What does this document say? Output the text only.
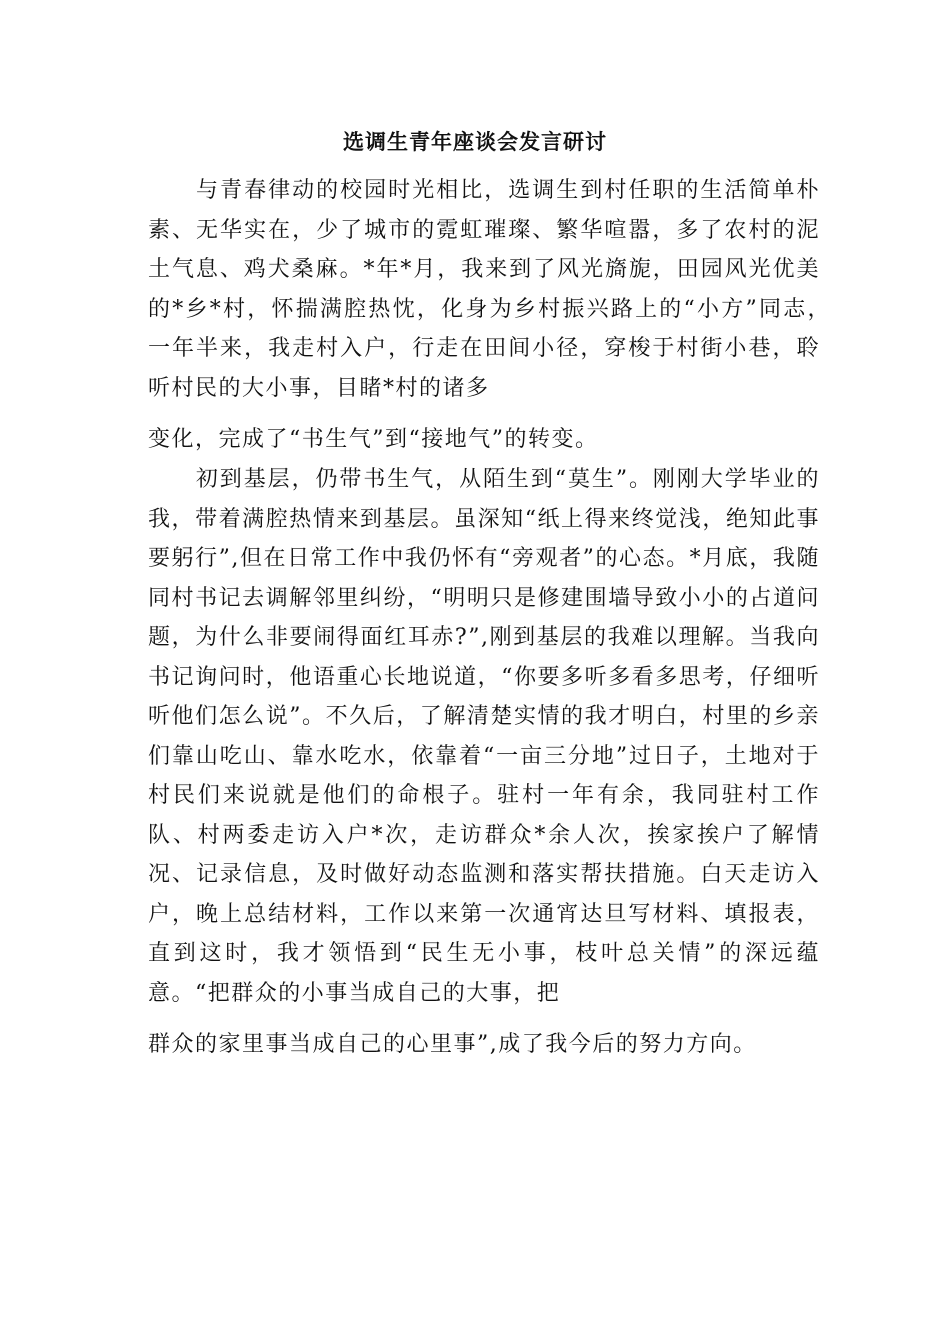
选调生青年座谈会发言研讨

　　与青春律动的校园时光相比，选调生到村任职的生活简单朴素、无华实在，少了城市的霓虹璀璨、繁华喧嚣，多了农村的泥土气息、鸡犬桑麻。*年*月，我来到了风光旖旎，田园风光优美的*乡*村，怀揣满腔热忱，化身为乡村振兴路上的“小方”同志，　一年半来，我走村入户，行走在田间小径，穿梭于村街小巷，聆听村民的大小事，目睹*村的诸多

变化，完成了“书生气”到“接地气”的转变。

　　初到基层，仍带书生气，从陌生到“莫生”。刚刚大学毕业的我，带着满腔热情来到基层。虽深知“纸上得来终觉浅，绝知此事要躬行”,但在日常工作中我仍怀有“旁观者”的心态。*月底，我随同村书记去调解邻里纠纷，“明明只是修建围墙导致小小的占道问题，为什么非要闹得面红耳赤?”,刚到基层的我难以理解。当我向书记询问时，他语重心长地说道，“你要多听多看多思考，仔细听听他们怎么说”。不久后，了解清楚实情的我才明白，村里的乡亲们靠山吃山、靠水吃水，依靠着“一亩三分地”过日子，土地对于村民们来说就是他们的命根子。驻村一年有余，我同驻村工作队、村两委走访入户*次，走访群众*余人次，挨家挨户了解情况、记录信息，及时做好动态监测和落实帮扶措施。白天走访入户，晚上总结材料，工作以来第一次通宵达旦写材料、填报表，直到这时，我才领悟到“民生无小事，枝叶总关情”的深远蕴意。“把群众的小事当成自己的大事，把

群众的家里事当成自己的心里事”,成了我今后的努力方向。
